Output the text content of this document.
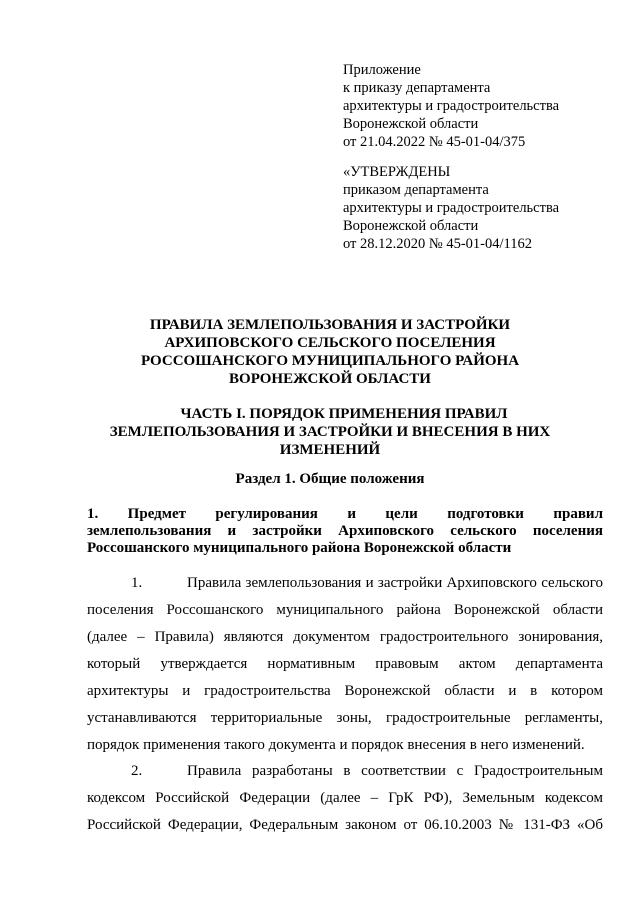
Приложение
к приказу департамента
архитектуры и градостроительства
Воронежской области
от 21.04.2022 № 45-01-04/375
«УТВЕРЖДЕНЫ
приказом департамента
архитектуры и градостроительства
Воронежской области
от 28.12.2020 № 45-01-04/1162
ПРАВИЛА ЗЕМЛЕПОЛЬЗОВАНИЯ И ЗАСТРОЙКИ
АРХИПОВСКОГО СЕЛЬСКОГО ПОСЕЛЕНИЯ
РОССОШАНСКОГО МУНИЦИПАЛЬНОГО РАЙОНА
ВОРОНЕЖСКОЙ ОБЛАСТИ
ЧАСТЬ I. ПОРЯДОК ПРИМЕНЕНИЯ ПРАВИЛ
ЗЕМЛЕПОЛЬЗОВАНИЯ И ЗАСТРОЙКИ И ВНЕСЕНИЯ В НИХ
ИЗМЕНЕНИЙ
Раздел 1. Общие положения
1. Предмет регулирования и цели подготовки правил
землепользования и застройки Архиповского сельского поселения
Россошанского муниципального района Воронежской области
1.	Правила землепользования и застройки Архиповского сельского
поселения Россошанского муниципального района Воронежской области
(далее – Правила) являются документом градостроительного зонирования,
который утверждается нормативным правовым актом департамента
архитектуры и градостроительства Воронежской области и в котором
устанавливаются территориальные зоны, градостроительные регламенты,
порядок применения такого документа и порядок внесения в него изменений.
2.	Правила разработаны в соответствии с Градостроительным
кодексом Российской Федерации (далее – ГрК РФ), Земельным кодексом
Российской Федерации, Федеральным законом от 06.10.2003 № 131-ФЗ «Об
